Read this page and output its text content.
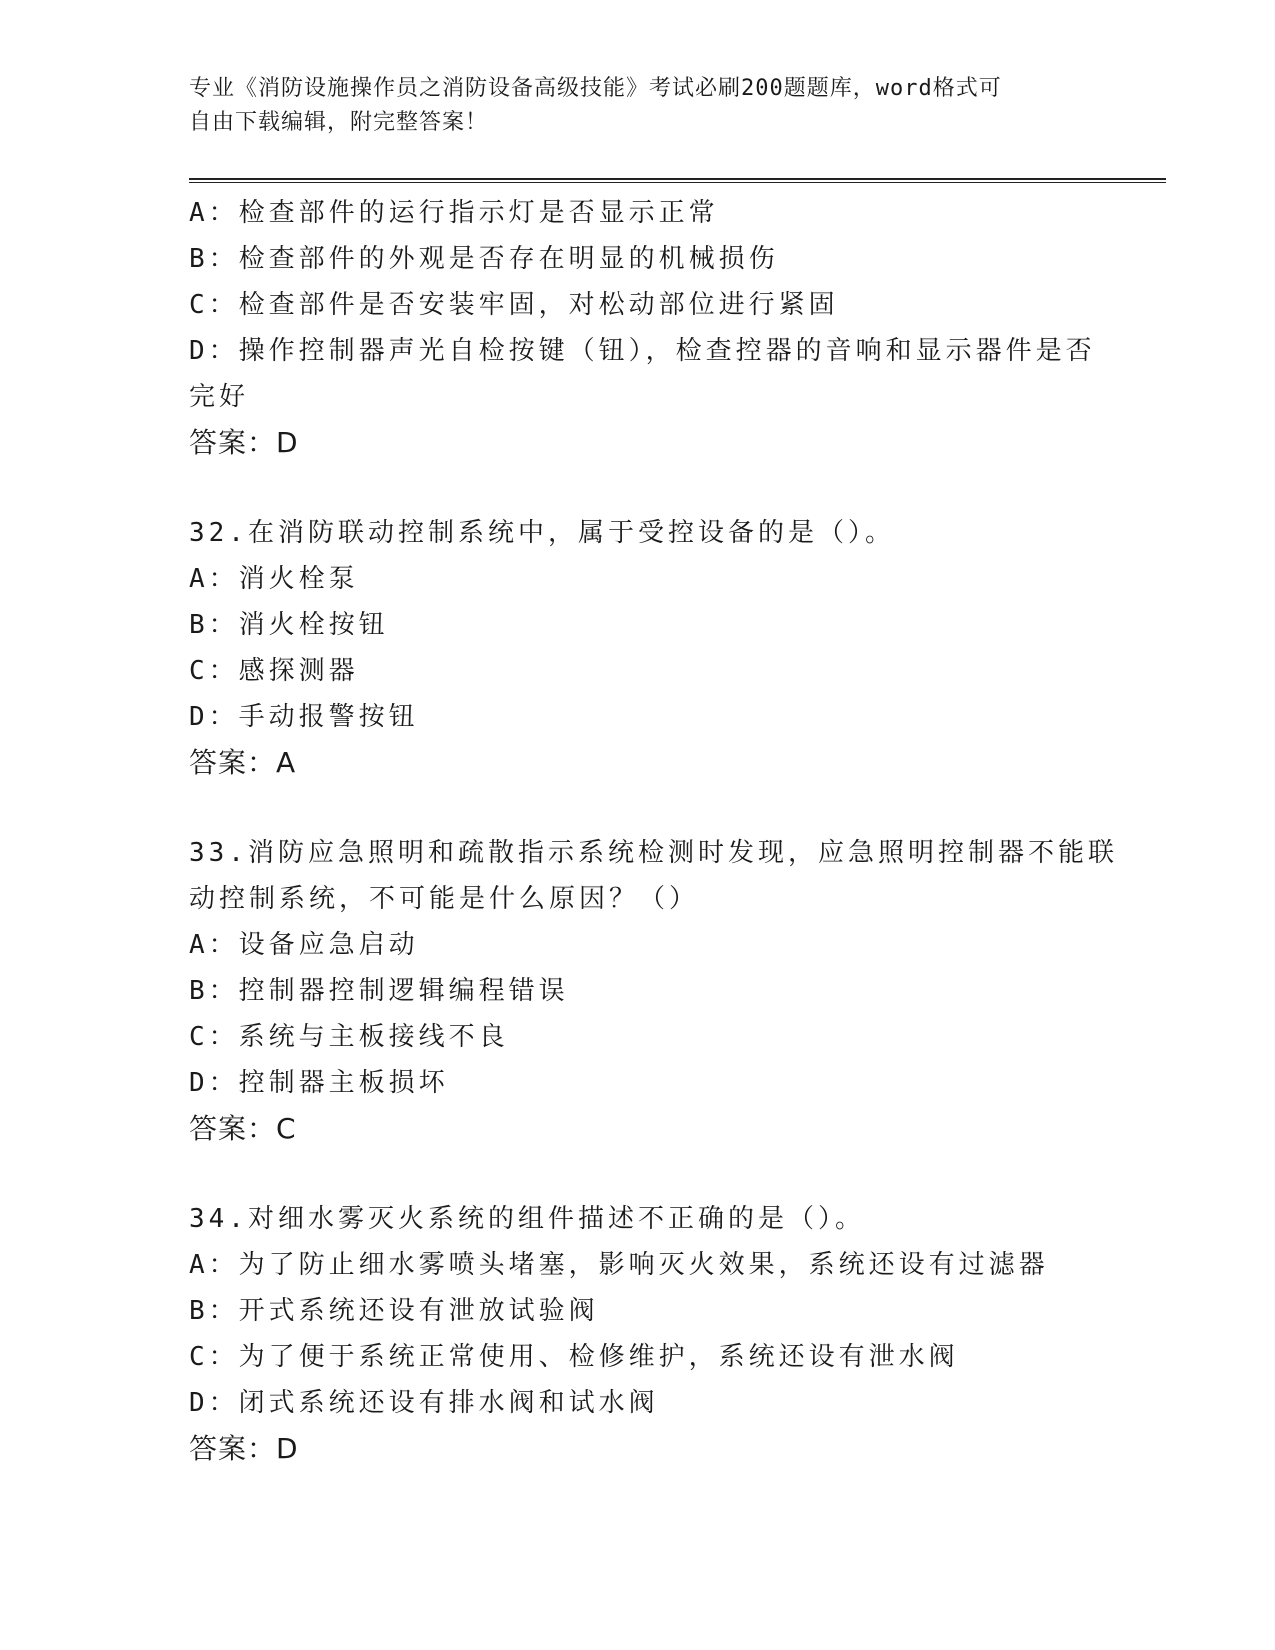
专业《消防设施操作员之消防设备高级技能》考试必刷200题题库，word格式可
自由下载编辑，附完整答案！
A：检查部件的运行指示灯是否显示正常
B：检查部件的外观是否存在明显的机械损伤
C：检查部件是否安装牢固，对松动部位进行紧固
D：操作控制器声光自检按键（钮），检查控器的音响和显示器件是否
完好
答案：D
32.在消防联动控制系统中，属于受控设备的是（）。
A：消火栓泵
B：消火栓按钮
C：感探测器
D：手动报警按钮
答案：A
33.消防应急照明和疏散指示系统检测时发现，应急照明控制器不能联
动控制系统，不可能是什么原因？（）
A：设备应急启动
B：控制器控制逻辑编程错误
C：系统与主板接线不良
D：控制器主板损坏
答案：C
34.对细水雾灭火系统的组件描述不正确的是（）。
A：为了防止细水雾喷头堵塞，影响灭火效果，系统还设有过滤器
B：开式系统还设有泄放试验阀
C：为了便于系统正常使用、检修维护，系统还设有泄水阀
D：闭式系统还设有排水阀和试水阀
答案：D
